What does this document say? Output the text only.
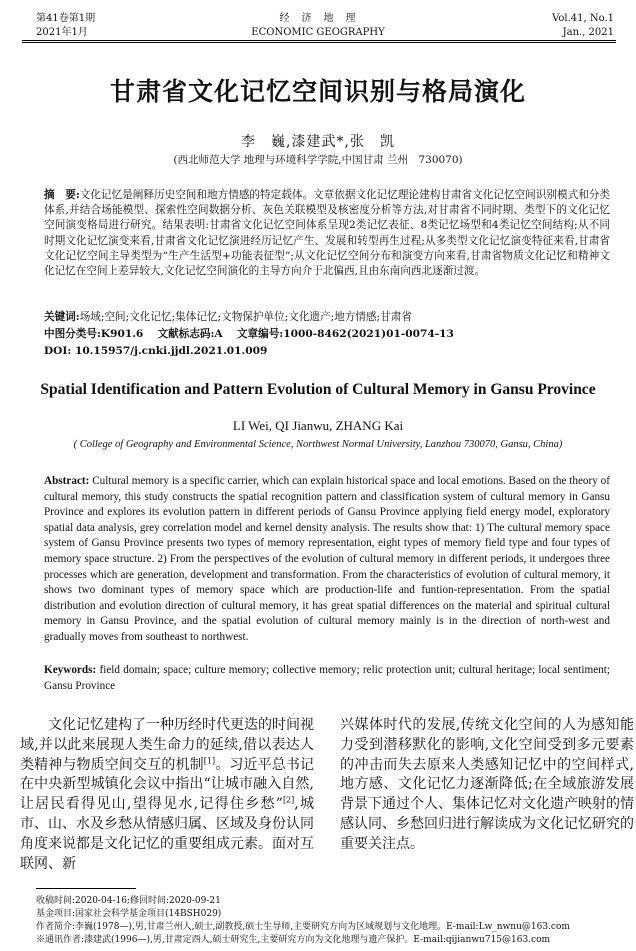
第41卷第1期
2021年1月
经　济　地　理
ECONOMIC GEOGRAPHY
Vol.41, No.1
Jan., 2021
甘肃省文化记忆空间识别与格局演化
李　巍,漆建武*,张　凯
(西北师范大学 地理与环境科学学院,中国甘肃 兰州　730070)
摘　要:文化记忆是阐释历史空间和地方情感的特定载体。文章依据文化记忆理论建构甘肃省文化记忆空间识别模式和分类体系,并结合场能模型、探索性空间数据分析、灰色关联模型及核密度分析等方法,对甘肃省不同时期、类型下的文化记忆空间演变格局进行研究。结果表明:甘肃省文化记忆空间体系呈现2类记忆表征、8类记忆场型和4类记忆空间结构;从不同时期文化记忆演变来看,甘肃省文化记忆演进经历记忆产生、发展和转型再生过程;从多类型文化记忆演变特征来看,甘肃省文化记忆空间主导类型为“生产生活型+功能表征型”;从文化记忆空间分布和演变方向来看,甘肃省物质文化记忆和精神文化记忆在空间上差异较大,文化记忆空间演化的主导方向介于北偏西,且由东南向西北逐渐过渡。
关键词:场域;空间;文化记忆;集体记忆;文物保护单位;文化遗产;地方情感;甘肃省
中图分类号:K901.6　 文献标志码:A　 文章编号:1000-8462(2021)01-0074-13
DOI: 10.15957/j.cnki.jjdl.2021.01.009
Spatial Identification and Pattern Evolution of Cultural Memory in Gansu Province
LI Wei, QI Jianwu, ZHANG Kai
( College of Geography and Environmental Science, Northwest Normal University, Lanzhou 730070, Gansu, China)
Abstract: Cultural memory is a specific carrier, which can explain historical space and local emotions. Based on the theory of cultural memory, this study constructs the spatial recognition pattern and classification system of cultural memory in Gansu Province and explores its evolution pattern in different periods of Gansu Province applying field energy model, exploratory spatial data analysis, grey correlation model and kernel density analysis. The results show that: 1) The cultural memory space system of Gansu Province presents two types of memory representation, eight types of memory field type and four types of memory space structure. 2) From the perspectives of the evolution of cultural memory in different periods, it undergoes three processes which are generation, development and transformation. From the characteristics of evolution of cultural memory, it shows two dominant types of memory space which are production-life and funtion-representation. From the spatial distribution and evolution direction of cultural memory, it has great spatial differences on the material and spiritual cultural memory in Gansu Province, and the spatial evolution of cultural memory mainly is in the direction of north-west and gradually moves from southeast to northwest.
Keywords: field domain; space; culture memory; collective memory; relic protection unit; cultural heritage; local sentiment; Gansu Province
文化记忆建构了一种历经时代更迭的时间视域,并以此来展现人类生命力的延续,借以表达人类精神与物质空间交互的机制[1]。习近平总书记在中央新型城镇化会议中指出“让城市融入自然,让居民看得见山,望得见水,记得住乡愁”[2],城市、山、水及乡愁从情感归属、区域及身份认同角度来说都是文化记忆的重要组成元素。面对互联网、新
兴媒体时代的发展,传统文化空间的人为感知能力受到潜移默化的影响,文化空间受到多元要素的冲击而失去原来人类感知记忆中的空间样式,地方感、文化记忆力逐渐降低;在全域旅游发展背景下通过个人、集体记忆对文化遗产映射的情感认同、乡愁回归进行解读成为文化记忆研究的重要关注点。
收稿时间:2020-04-16;修回时间:2020-09-21
基金项目:国家社会科学基金项目(14BSH029)
作者简介:李巍(1978—),男,甘肃兰州人,硕士,副教授,硕士生导师,主要研究方向为区域规划与文化地理。E-mail:Lw_nwnu@163.com
※通讯作者:漆建武(1996—),男,甘肃定西人,硕士研究生,主要研究方向为文化地理与遗产保护。E-mail:qijianwu715@163.com
